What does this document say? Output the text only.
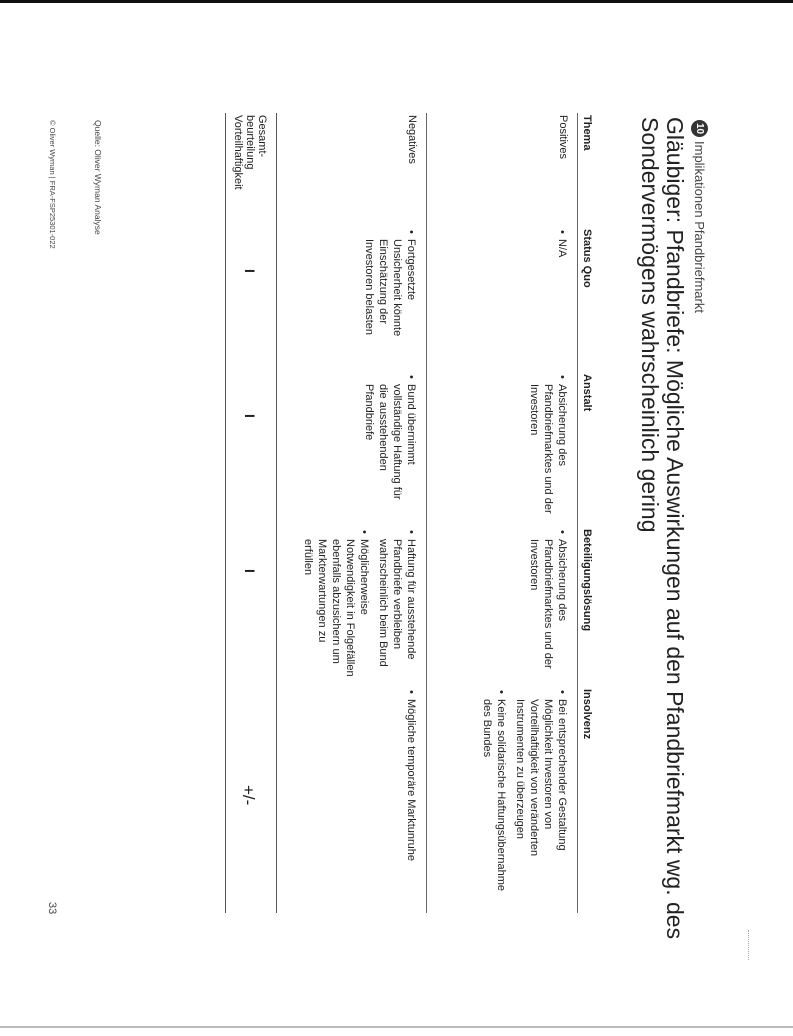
10
Implikationen Pfandbriefmarkt
Gläubiger: Pfandbriefe: Mögliche Auswirkungen auf den Pfandbriefmarkt wg. des Sondervermögens wahrscheinlich gering
Thema
Status Quo
Anstalt
Beteiligungslösung
Insolvenz
Positives
• N/A
• Absicherung des Pfandbriefmarktes und der Investoren
• Absicherung des Pfandbriefmarktes und der Investoren
• Bei entsprechender Gestaltung Möglichkeit Investoren von Vorteilhaftigkeit von veränderten Instrumenten zu überzeugen
• Keine solidarische Haftungsübernahme des Bundes
Negatives
• Fortgesetzte Unsicherheit könnte Einschätzung der Investoren belasten
• Bund übernimmt vollständige Haftung für die ausstehenden Pfandbriefe
• Haftung für ausstehende Pfandbriefe verbleiben wahrscheinlich beim Bund
• Möglicherweise Notwendigkeit in Folgefällen ebenfalls abzusichern um Markterwartungen zu erfüllen
• Mögliche temporäre Marktunruhe
Gesamt-
beurteilung
Vorteilhaftigkeit
I
I
I
+/-
Quelle: Oliver Wyman Analyse
© Oliver Wyman | FRA-FSP25301-022
33
